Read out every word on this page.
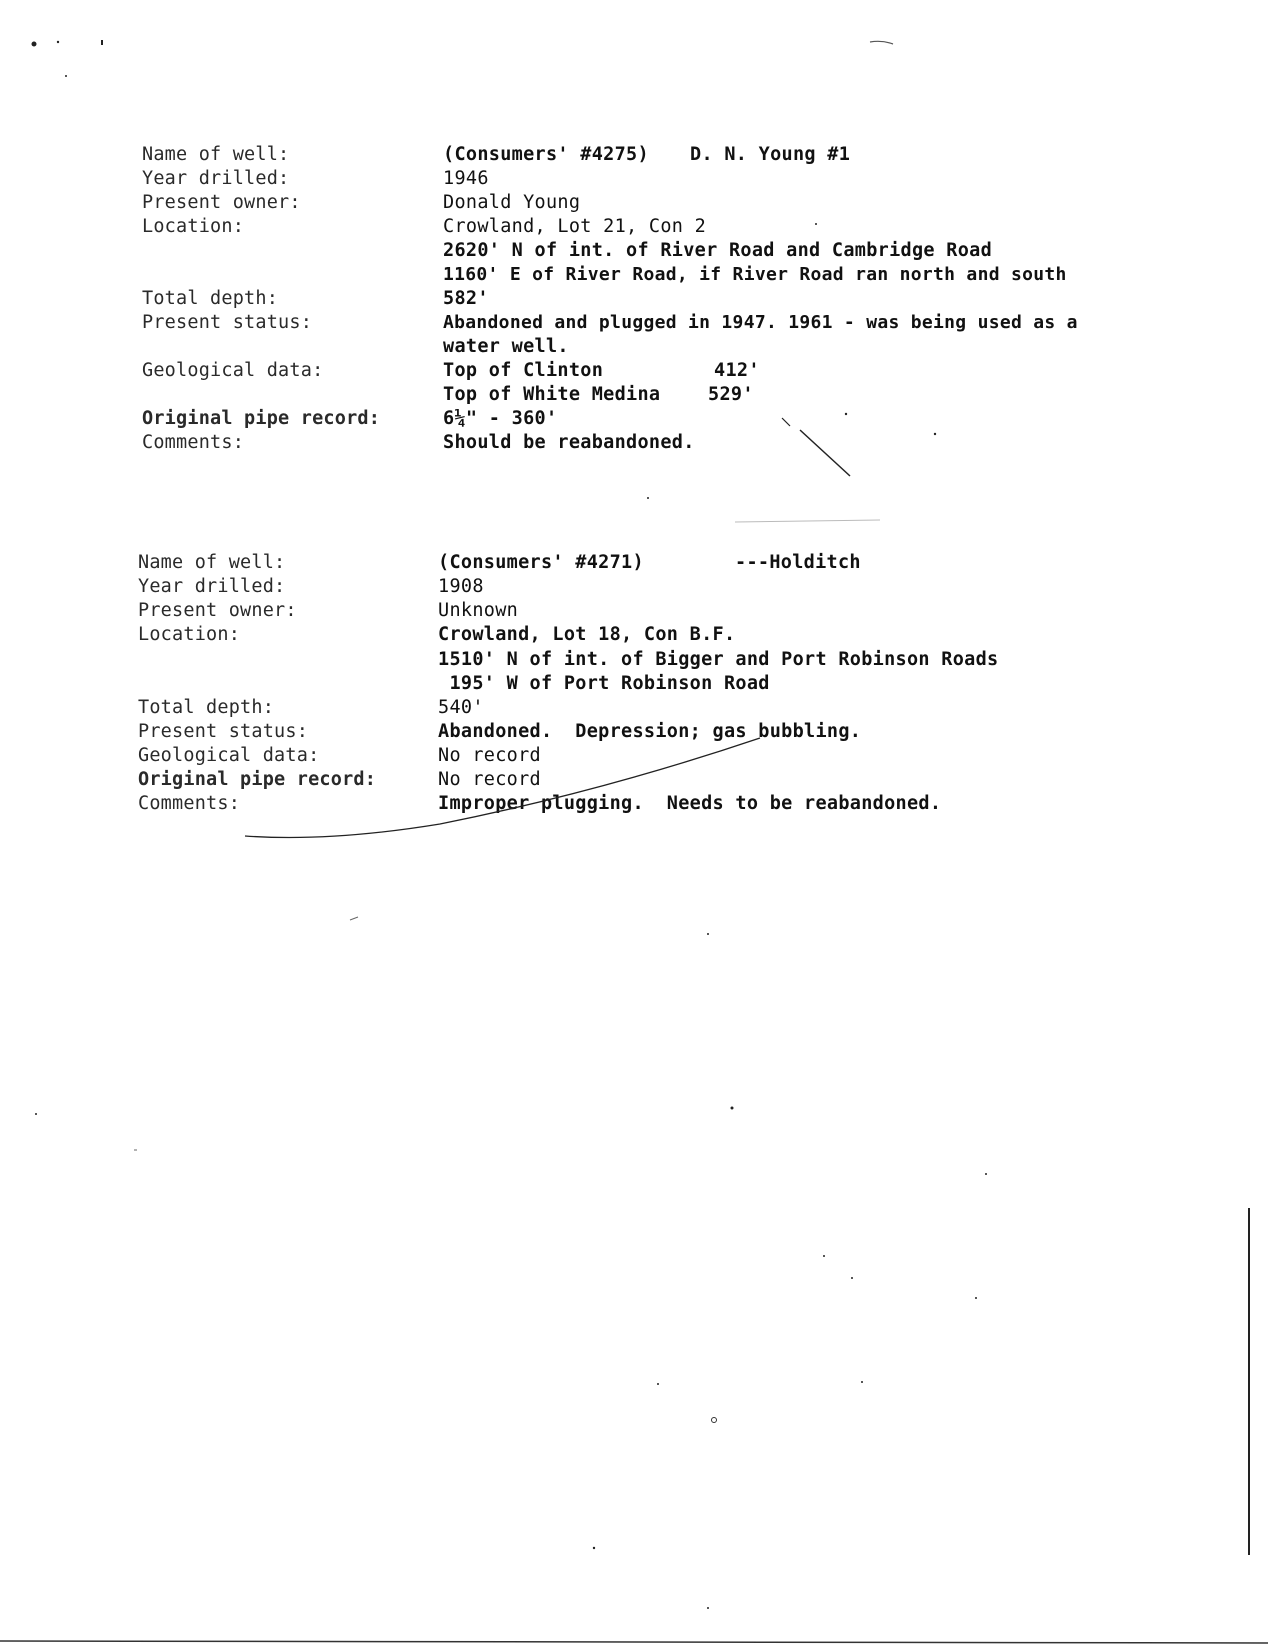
Name of well:	(Consumers' #4275) D. N. Young #1
Year drilled:	1946
Present owner:	Donald Young
Location:	Crowland, Lot 21, Con 2
2620' N of int. of River Road and Cambridge Road
1160' E of River Road, if River Road ran north and south
Total depth:	582'
Present status:	Abandoned and plugged in 1947. 1961 - was being used as a
water well.
Geological data:	Top of Clinton	412'
Top of White Medina	529'
Original pipe record:	6¼" - 360'
Comments:	Should be reabandoned.
Name of well:	(Consumers' #4271)	---Holditch
Year drilled:	1908
Present owner:	Unknown
Location:	Crowland, Lot 18, Con B.F.
1510' N of int. of Bigger and Port Robinson Roads
195' W of Port Robinson Road
Total depth:	540'
Present status:	Abandoned.  Depression; gas bubbling.
Geological data:	No record
Original pipe record:	No record
Comments:	Improper plugging.  Needs to be reabandoned.
